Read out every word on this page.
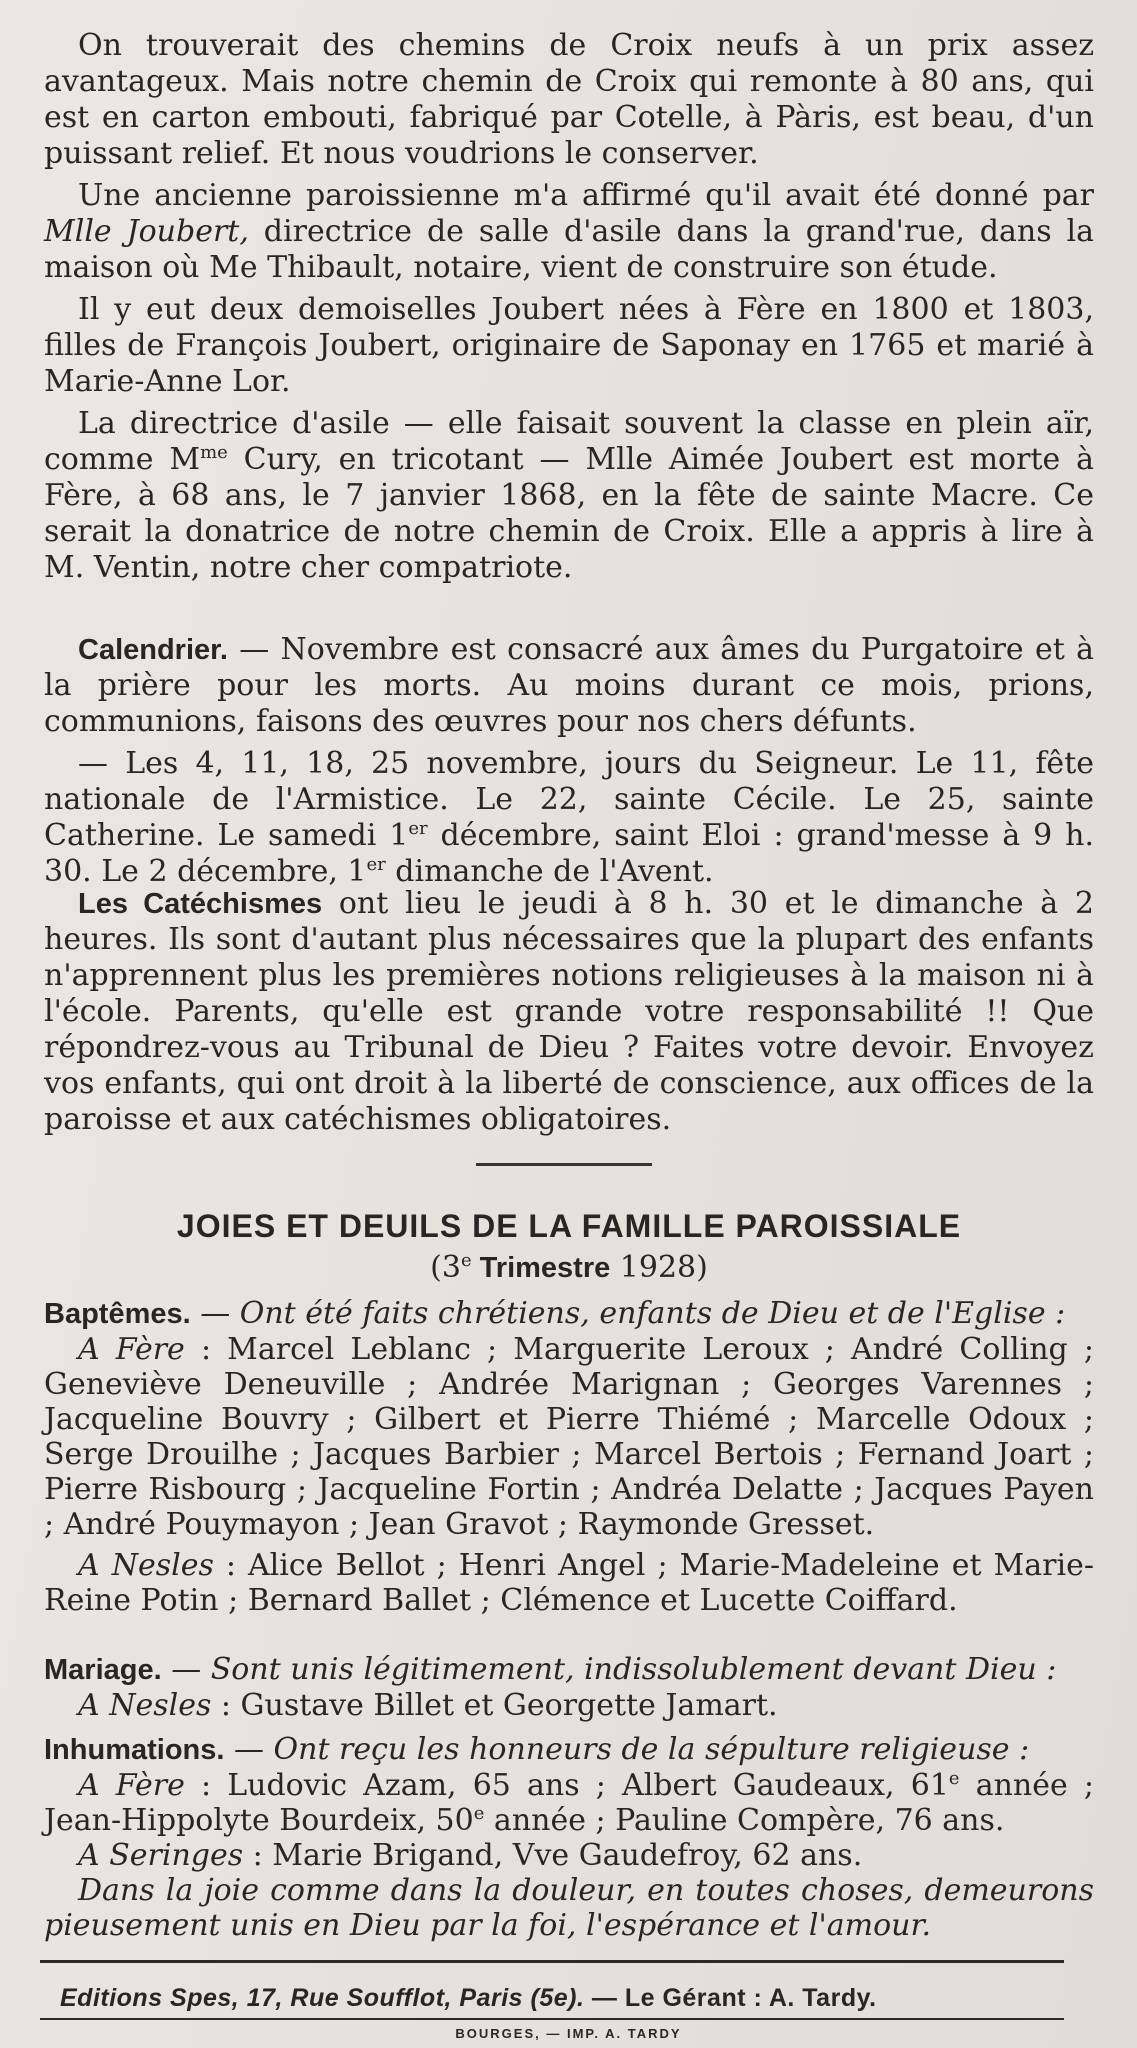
On trouverait des chemins de Croix neufs à un prix assez avantageux. Mais notre chemin de Croix qui remonte à 80 ans, qui est en carton embouti, fabriqué par Cotelle, à Pàris, est beau, d'un puissant relief. Et nous voudrions le conserver.

Une ancienne paroissienne m'a affirmé qu'il avait été donné par Mlle Joubert, directrice de salle d'asile dans la grand'rue, dans la maison où Me Thibault, notaire, vient de construire son étude.

Il y eut deux demoiselles Joubert nées à Fère en 1800 et 1803, filles de François Joubert, originaire de Saponay en 1765 et marié à Marie-Anne Lor.

La directrice d'asile — elle faisait souvent la classe en plein aïr, comme $M^{me}$ Cury, en tricotant — Mlle Aimée Joubert est morte à Fère, à 68 ans, le 7 janvier 1868, en la fête de sainte Macre. Ce serait la donatrice de notre chemin de Croix. Elle a appris à lire à M. Ventin, notre cher compatriote.

Calendrier. — Novembre est consacré aux âmes du Purgatoire et à la prière pour les morts. Au moins durant ce mois, prions, communions, faisons des œuvres pour nos chers défunts.

— Les 4, 11, 18, 25 novembre, jours du Seigneur. Le 11, fête nationale de l'Armistice. Le 22, sainte Cécile. Le 25, sainte Catherine. Le samedi 1er décembre, saint Eloi : grand'messe à 9 h. 30. Le 2 décembre, 1er dimanche de l'Avent.

Les Catéchismes ont lieu le jeudi à 8 h. 30 et le dimanche à 2 heures. Ils sont d'autant plus nécessaires que la plupart des enfants n'apprennent plus les premières notions religieuses à la maison ni à l'école. Parents, qu'elle est grande votre responsabilité !! Que répondrez-vous au Tribunal de Dieu ? Faites votre devoir. Envoyez vos enfants, qui ont droit à la liberté de conscience, aux offices de la paroisse et aux catéchismes obligatoires.

JOIES ET DEUILS DE LA FAMILLE PAROISSIALE
(3e Trimestre 1928)

Baptêmes. — Ont été faits chrétiens, enfants de Dieu et de l'Eglise :

A Fère : Marcel Leblanc ; Marguerite Leroux ; André Colling ; Geneviève Deneuville ; Andrée Marignan ; Georges Varennes ; Jacqueline Bouvry ; Gilbert et Pierre Thiémé ; Marcelle Odoux ; Serge Drouilhe ; Jacques Barbier ; Marcel Bertois ; Fernand Joart ; Pierre Risbourg ; Jacqueline Fortin ; Andréa Delatte ; Jacques Payen ; André Pouymayon ; Jean Gravot ; Raymonde Gresset.

A Nesles : Alice Bellot ; Henri Angel ; Marie-Madeleine et Marie-Reine Potin ; Bernard Ballet ; Clémence et Lucette Coiffard.

Mariage. — Sont unis légitimement, indissolublement devant Dieu :

A Nesles : Gustave Billet et Georgette Jamart.

Inhumations. — Ont reçu les honneurs de la sépulture religieuse :

A Fère : Ludovic Azam, 65 ans ; Albert Gaudeaux, 61e année ; Jean-Hippolyte Bourdeix, 50e année ; Pauline Compère, 76 ans.

A Seringes : Marie Brigand, Vve Gaudefroy, 62 ans.

Dans la joie comme dans la douleur, en toutes choses, demeurons pieusement unis en Dieu par la foi, l'espérance et l'amour.

Editions Spes, 17, Rue Soufflot, Paris (5e). — Le Gérant : A. Tardy.
BOURGES, — IMP. A. TARDY
